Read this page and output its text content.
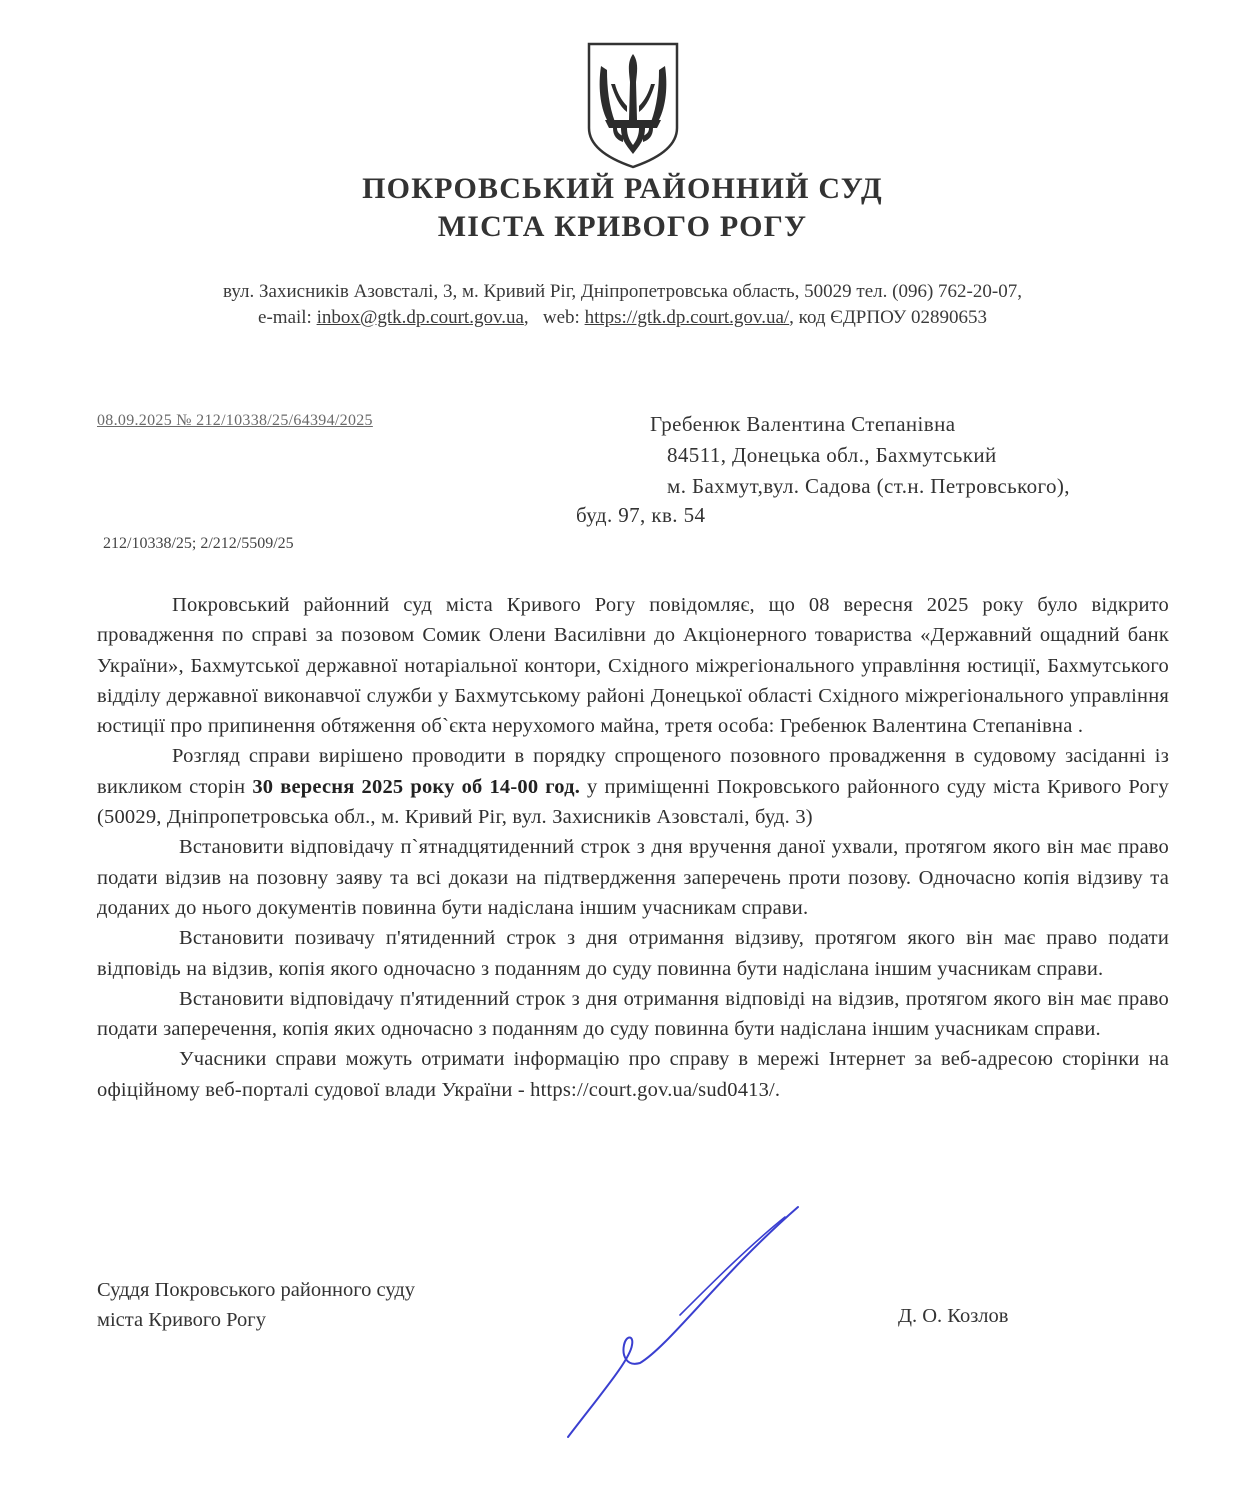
ПОКРОВСЬКИЙ РАЙОННИЙ СУД
МІСТА КРИВОГО РОГУ
вул. Захисників Азовсталі, 3, м. Кривий Ріг, Дніпропетровська область, 50029 тел. (096) 762-20-07,
e-mail: inbox@gtk.dp.court.gov.ua,   web: https://gtk.dp.court.gov.ua/, код ЄДРПОУ 02890653
08.09.2025 № 212/10338/25/64394/2025	Гребенюк Валентина Степанівна
84511, Донецька обл., Бахмутський
м. Бахмут,вул. Садова (ст.н. Петровського),
буд. 97, кв. 54
212/10338/25; 2/212/5509/25

Покровський районний суд міста Кривого Рогу повідомляє, що 08 вересня 2025 року було відкрито провадження по справі за позовом Сомик Олени Василівни до Акціонерного товариства «Державний ощадний банк України», Бахмутської державної нотаріальної контори, Східного міжрегіонального управління юстиції, Бахмутського відділу державної виконавчої служби у Бахмутському районі Донецької області Східного міжрегіонального управління юстиції про припинення обтяження об`єкта нерухомого майна, третя особа: Гребенюк Валентина Степанівна .

Розгляд справи вирішено проводити в порядку спрощеного позовного провадження в судовому засіданні із викликом сторін 30 вересня 2025 року об 14-00 год. у приміщенні Покровського районного суду міста Кривого Рогу (50029, Дніпропетровська обл., м. Кривий Ріг, вул. Захисників Азовсталі, буд. 3)

Встановити відповідачу п`ятнадцятиденний строк з дня вручення даної ухвали, протягом якого він має право подати відзив на позовну заяву та всі докази на підтвердження заперечень проти позову. Одночасно копія відзиву та доданих до нього документів повинна бути надіслана іншим учасникам справи.

Встановити позивачу п'ятиденний строк з дня отримання відзиву, протягом якого він має право подати відповідь на відзив, копія якого одночасно з поданням до суду повинна бути надіслана іншим учасникам справи.

Встановити відповідачу п'ятиденний строк з дня отримання відповіді на відзив, протягом якого він має право подати заперечення, копія яких одночасно з поданням до суду повинна бути надіслана іншим учасникам справи.

Учасники справи можуть отримати інформацію про справу в мережі Інтернет за веб-адресою сторінки на офіційному веб-порталі судової влади України - https://court.gov.ua/sud0413/.

Суддя Покровського районного суду
міста Кривого Рогу	Д. О. Козлов
